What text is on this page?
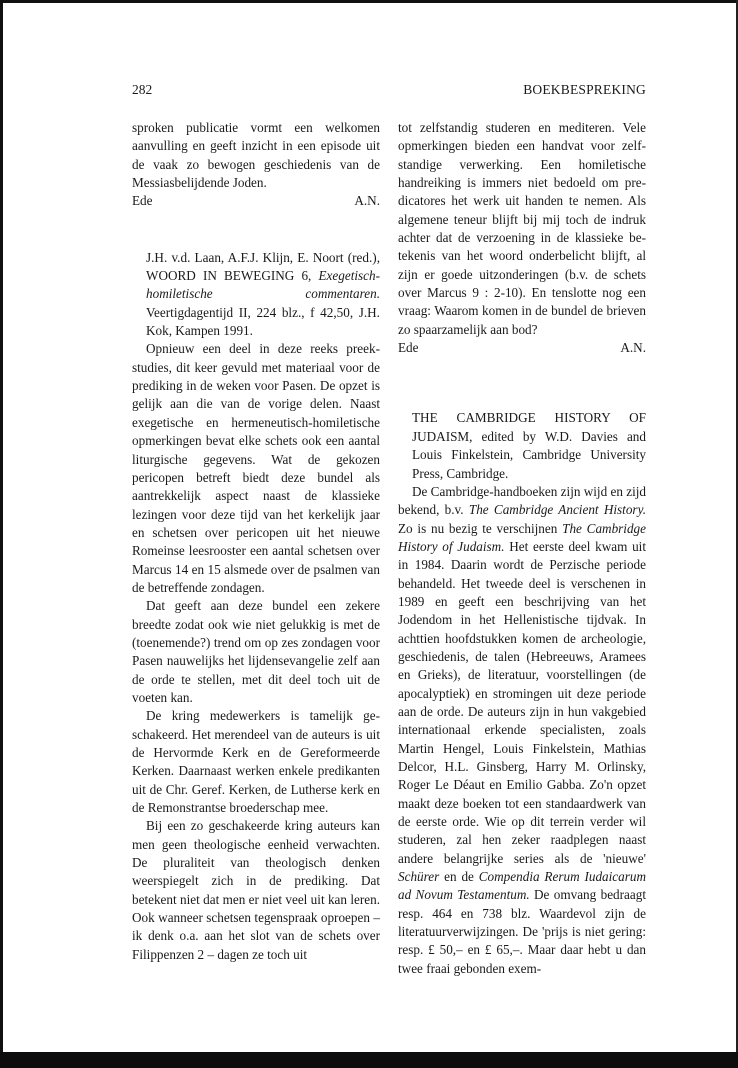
282	BOEKBESPREKING

sproken publicatie vormt een welkomen aanvulling en geeft inzicht in een episode uit de vaak zo bewogen geschiedenis van de Messiasbelijdende Joden.

Ede	A.N.

J.H. v.d. Laan, A.F.J. Klijn, E. Noort (red.), WOORD IN BEWEGING 6, Exegetisch-homiletische commentaren. Veertigdagentijd II, 224 blz., f 42,50, J.H. Kok, Kampen 1991.

Opnieuw een deel in deze reeks preekstudies, dit keer gevuld met materiaal voor de prediking in de weken voor Pasen. De opzet is gelijk aan die van de vorige delen. Naast exegetische en hermeneutisch-homiletische opmerkingen bevat elke schets ook een aantal liturgische gegevens. Wat de gekozen pericopen betreft biedt deze bundel als aantrekkelijk aspect naast de klassieke lezingen voor deze tijd van het kerkelijk jaar en schetsen over pericopen uit het nieuwe Romeinse leesrooster een aantal schetsen over Marcus 14 en 15 alsmede over de psalmen van de betreffende zondagen.

Dat geeft aan deze bundel een zekere breedte zodat ook wie niet gelukkig is met de (toenemende?) trend om op zes zondagen voor Pasen nauwelijks het lijdensevangelie zelf aan de orde te stellen, met dit deel toch uit de voeten kan.

De kring medewerkers is tamelijk geschakeerd. Het merendeel van de auteurs is uit de Hervormde Kerk en de Gereformeerde Kerken. Daarnaast werken enkele predikanten uit de Chr. Geref. Kerken, de Lutherse kerk en de Remonstrantse broederschap mee.

Bij een zo geschakeerde kring auteurs kan men geen theologische eenheid verwachten. De pluraliteit van theologisch denken weerspiegelt zich in de prediking. Dat betekent niet dat men er niet veel uit kan leren. Ook wanneer schetsen tegenspraak oproepen – ik denk o.a. aan het slot van de schets over Filippenzen 2 – dagen ze toch uit

tot zelfstandig studeren en mediteren. Vele opmerkingen bieden een handvat voor zelfstandige verwerking. Een homiletische handreiking is immers niet bedoeld om predicatores het werk uit handen te nemen. Als algemene teneur blijft bij mij toch de indruk achter dat de verzoening in de klassieke betekenis van het woord onderbelicht blijft, al zijn er goede uitzonderingen (b.v. de schets over Marcus 9 : 2-10). En tenslotte nog een vraag: Waarom komen in de bundel de brieven zo spaarzamelijk aan bod?

Ede	A.N.

THE CAMBRIDGE HISTORY OF JUDAISM, edited by W.D. Davies and Louis Finkelstein, Cambridge University Press, Cambridge.

De Cambridge-handboeken zijn wijd en zijd bekend, b.v. The Cambridge Ancient History. Zo is nu bezig te verschijnen The Cambridge History of Judaism. Het eerste deel kwam uit in 1984. Daarin wordt de Perzische periode behandeld. Het tweede deel is verschenen in 1989 en geeft een beschrijving van het Jodendom in het Hellenistische tijdvak. In achttien hoofdstukken komen de archeologie, geschiedenis, de talen (Hebreeuws, Aramees en Grieks), de literatuur, voorstellingen (de apocalyptiek) en stromingen uit deze periode aan de orde. De auteurs zijn in hun vakgebied internationaal erkende specialisten, zoals Martin Hengel, Louis Finkelstein, Mathias Delcor, H.L. Ginsberg, Harry M. Orlinsky, Roger Le Déaut en Emilio Gabba. Zo'n opzet maakt deze boeken tot een standaardwerk van de eerste orde. Wie op dit terrein verder wil studeren, zal hen zeker raadplegen naast andere belangrijke series als de 'nieuwe' Schürer en de Compendia Rerum Iudaicarum ad Novum Testamentum. De omvang bedraagt resp. 464 en 738 blz. Waardevol zijn de literatuurverwijzingen. De 'prijs is niet gering: resp. £ 50,– en £ 65,–. Maar daar hebt u dan twee fraai gebonden exem-
